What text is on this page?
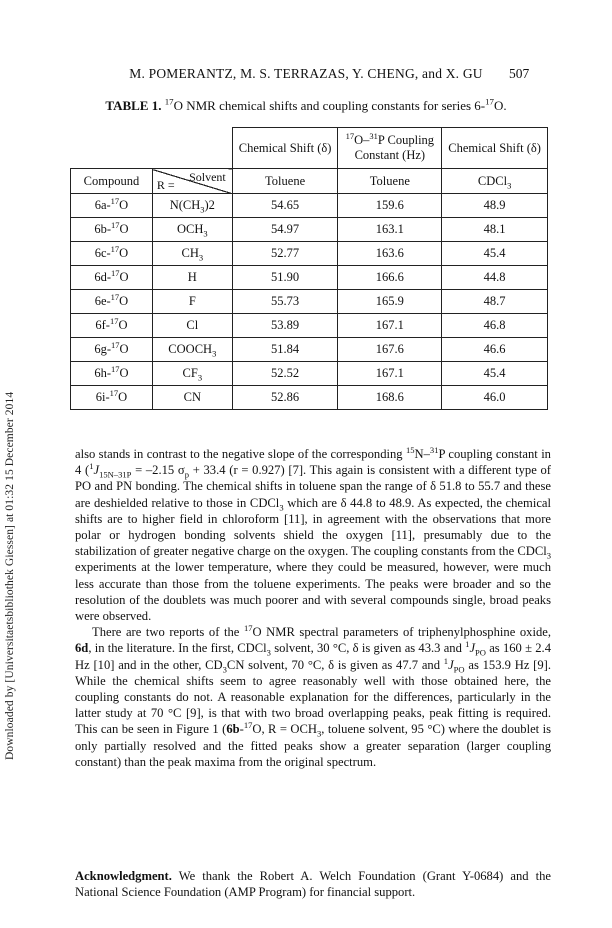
Downloaded by [Universitaetsbibliothek Giessen] at 01:32 15 December 2014
M. POMERANTZ, M. S. TERRAZAS, Y. CHENG, and X. GU	507
TABLE 1. $^{17}$O NMR chemical shifts and coupling constants for series 6-$^{17}$O.
		Chemical Shift (δ)	$^{17}$O–$^{31}$P Coupling
Constant (Hz)	Chemical Shift (δ)
Compound	Solvent
R =	Toluene	Toluene	CDCl$_3$
6a-$^{17}$O	$N(CH_3)2$	54.65	159.6	48.9
6b-$^{17}$O	$OCH_3$	54.97	163.1	48.1
6c-$^{17}$O	$CH_3$	52.77	163.6	45.4
6d-$^{17}$O	H	51.90	166.6	44.8
6e-$^{17}$O	F	55.73	165.9	48.7
6f-$^{17}$O	Cl	53.89	167.1	46.8
6g-$^{17}$O	$COOCH_3$	51.84	167.6	46.6
6h-$^{17}$O	$CF_3$	52.52	167.1	45.4
6i-$^{17}$O	CN	52.86	168.6	46.0

also stands in contrast to the negative slope of the corresponding $^{15}$N–$^{31}$P coupling constant in 4 ($^1J_{15N-31P} = -2.15$ $\sigma_p + 33.4$ (r = 0.927) [7]. This again is consistent with a different type of PO and PN bonding. The chemical shifts in toluene span the range of δ 51.8 to 55.7 and these are deshielded relative to those in CDCl$_3$ which are δ 44.8 to 48.9. As expected, the chemical shifts are to higher field in chloroform [11], in agreement with the observations that more polar or hydrogen bonding solvents shield the oxygen [11], presumably due to the stabilization of greater negative charge on the oxygen. The coupling constants from the CDCl$_3$ experiments at the lower temperature, where they could be measured, however, were much less accurate than those from the toluene experiments. The peaks were broader and so the resolution of the doublets was much poorer and with several compounds single, broad peaks were observed.

There are two reports of the $^{17}$O NMR spectral parameters of triphenylphosphine oxide, 6d, in the literature. In the first, CDCl$_3$ solvent, 30 °C, δ is given as 43.3 and $^1J_{PO}$ as 160 ± 2.4 Hz [10] and in the other, $CD_3CN$ solvent, 70 °C, δ is given as 47.7 and $^1J_{PO}$ as 153.9 Hz [9]. While the chemical shifts seem to agree reasonably well with those obtained here, the coupling constants do not. A reasonable explanation for the differences, particularly in the latter study at 70 °C [9], is that with two broad overlapping peaks, peak fitting is required. This can be seen in Figure 1 (6b-$^{17}$O, $R = OCH_3$, toluene solvent, 95 °C) where the doublet is only partially resolved and the fitted peaks show a greater separation (larger coupling constant) than the peak maxima from the original spectrum.

Acknowledgment. We thank the Robert A. Welch Foundation (Grant Y-0684) and the National Science Foundation (AMP Program) for financial support.
